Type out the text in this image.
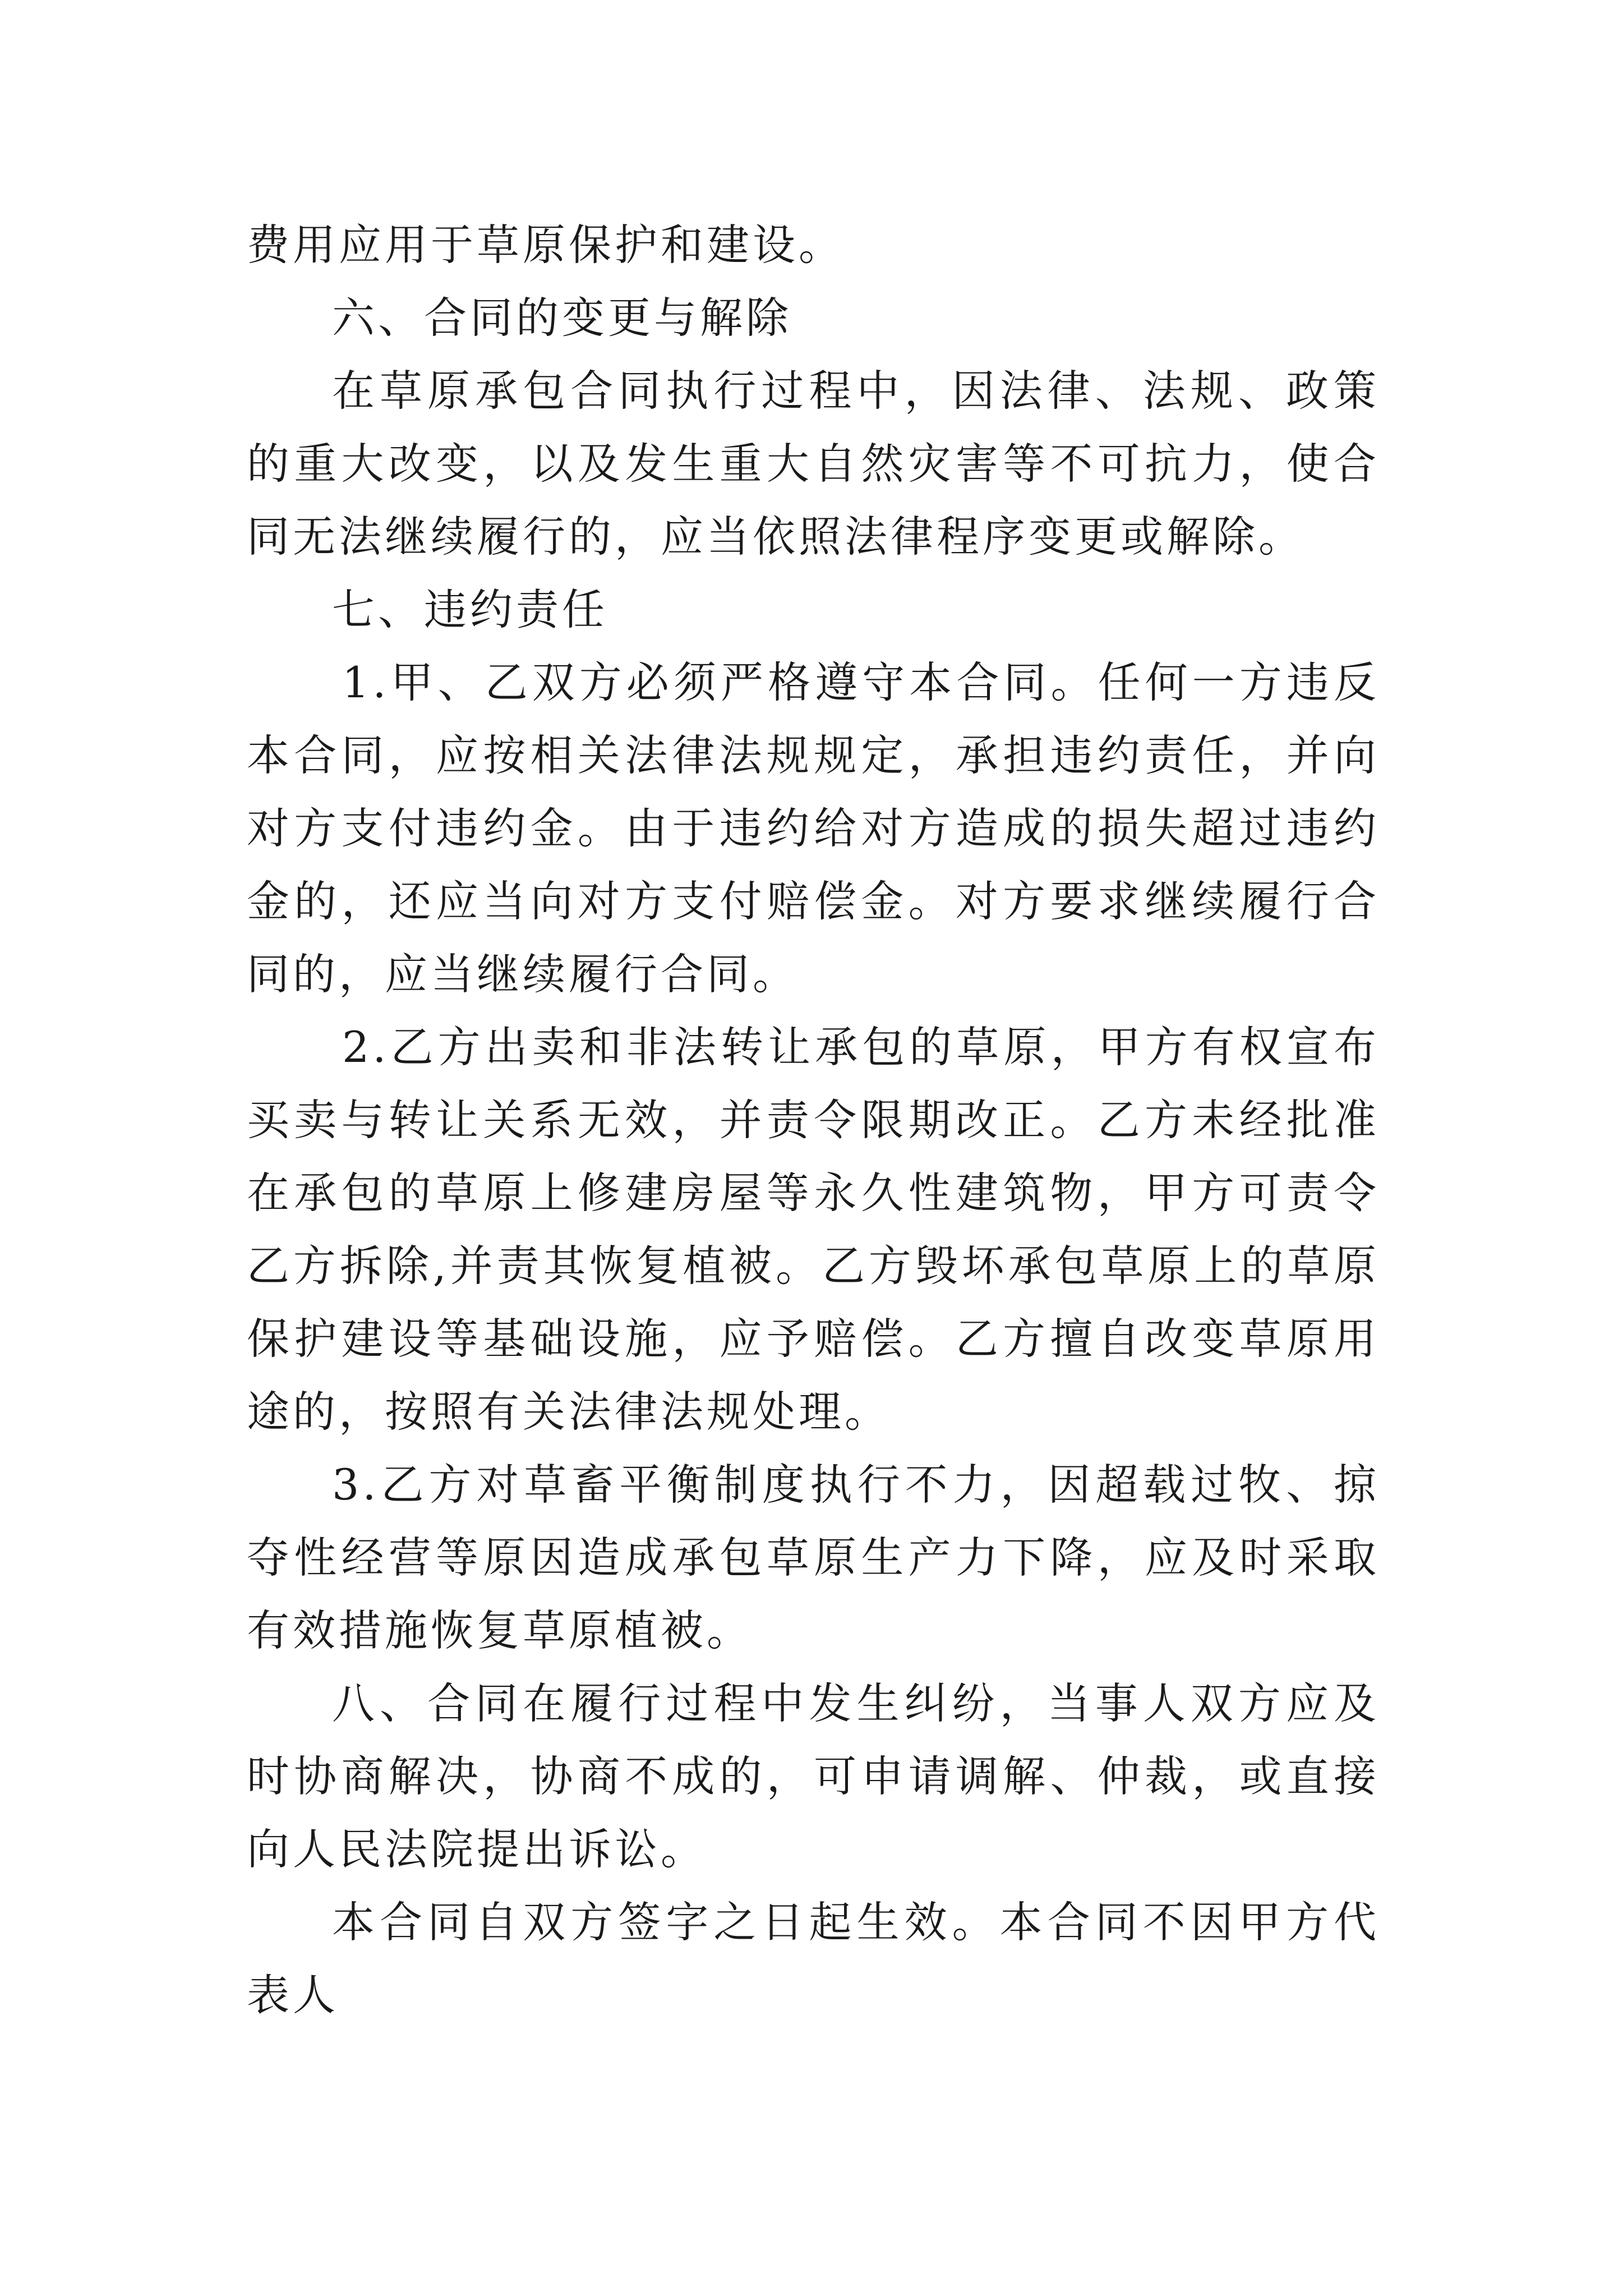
费用应用于草原保护和建设。

六、合同的变更与解除

在草原承包合同执行过程中，因法律、法规、政策的重大改变，以及发生重大自然灾害等不可抗力，使合同无法继续履行的，应当依照法律程序变更或解除。

七、违约责任

1.甲、乙双方必须严格遵守本合同。任何一方违反本合同，应按相关法律法规规定，承担违约责任，并向对方支付违约金。由于违约给对方造成的损失超过违约金的，还应当向对方支付赔偿金。对方要求继续履行合同的，应当继续履行合同。

2.乙方出卖和非法转让承包的草原，甲方有权宣布买卖与转让关系无效，并责令限期改正。乙方未经批准在承包的草原上修建房屋等永久性建筑物，甲方可责令乙方拆除,并责其恢复植被。乙方毁坏承包草原上的草原保护建设等基础设施，应予赔偿。乙方擅自改变草原用途的，按照有关法律法规处理。

3.乙方对草畜平衡制度执行不力，因超载过牧、掠夺性经营等原因造成承包草原生产力下降，应及时采取有效措施恢复草原植被。

八、合同在履行过程中发生纠纷，当事人双方应及时协商解决，协商不成的，可申请调解、仲裁，或直接向人民法院提出诉讼。

本合同自双方签字之日起生效。本合同不因甲方代表人
